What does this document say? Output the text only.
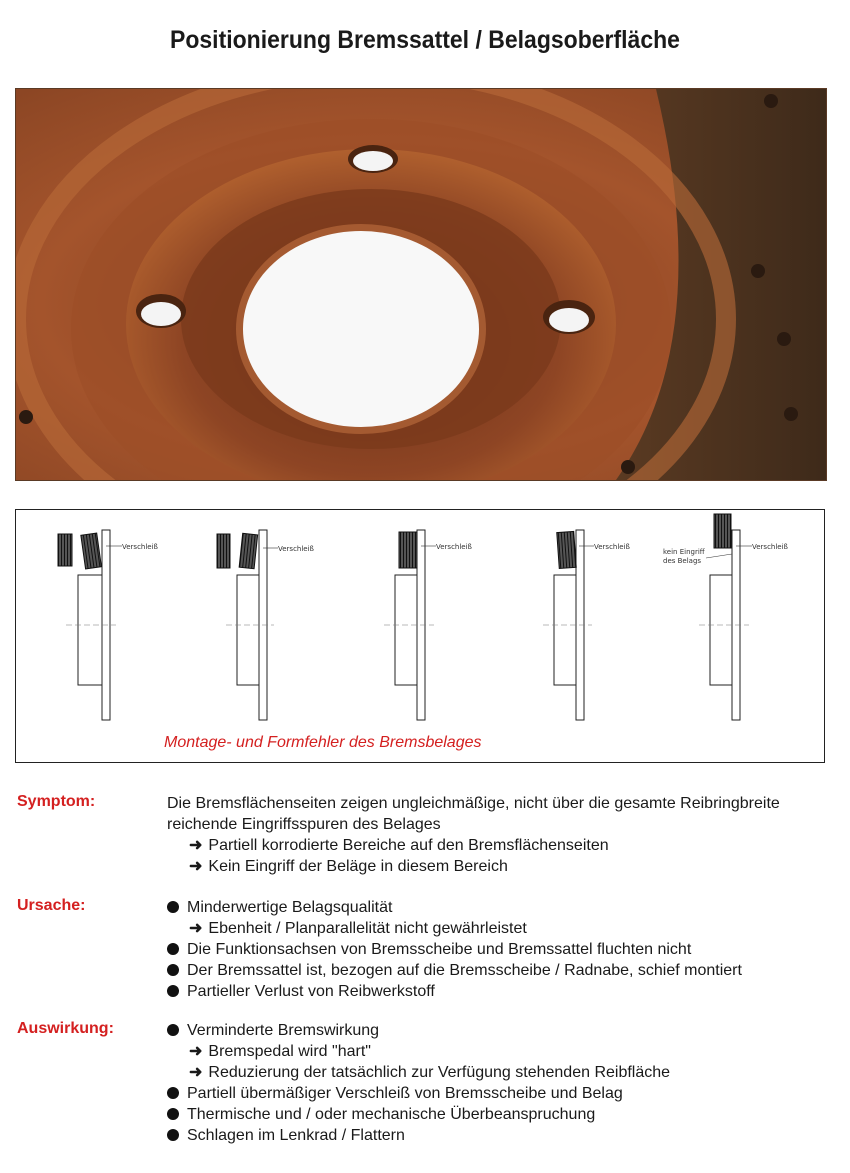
Positionierung Bremssattel / Belagsoberfläche
Verschleiß	Verschleiß	Verschleiß	Verschleiß	Verschleiß
kein Eingriff
des Belags
Montage- und Formfehler des Bremsbelages
Symptom:	Die Bremsflächenseiten zeigen ungleichmäßige, nicht über die gesamte Reibringbreite
reichende Eingriffsspuren des Belages
➜ Partiell korrodierte Bereiche auf den Bremsflächenseiten
➜ Kein Eingriff der Beläge in diesem Bereich
Ursache:	Minderwertige Belagsqualität
➜ Ebenheit / Planparallelität nicht gewährleistet
Die Funktionsachsen von Bremsscheibe und Bremssattel fluchten nicht
Der Bremssattel ist, bezogen auf die Bremsscheibe / Radnabe, schief montiert
Partieller Verlust von Reibwerkstoff
Auswirkung:	Verminderte Bremswirkung
➜ Bremspedal wird "hart"
➜ Reduzierung der tatsächlich zur Verfügung stehenden Reibfläche
Partiell übermäßiger Verschleiß von Bremsscheibe und Belag
Thermische und / oder mechanische Überbeanspruchung
Schlagen im Lenkrad / Flattern
